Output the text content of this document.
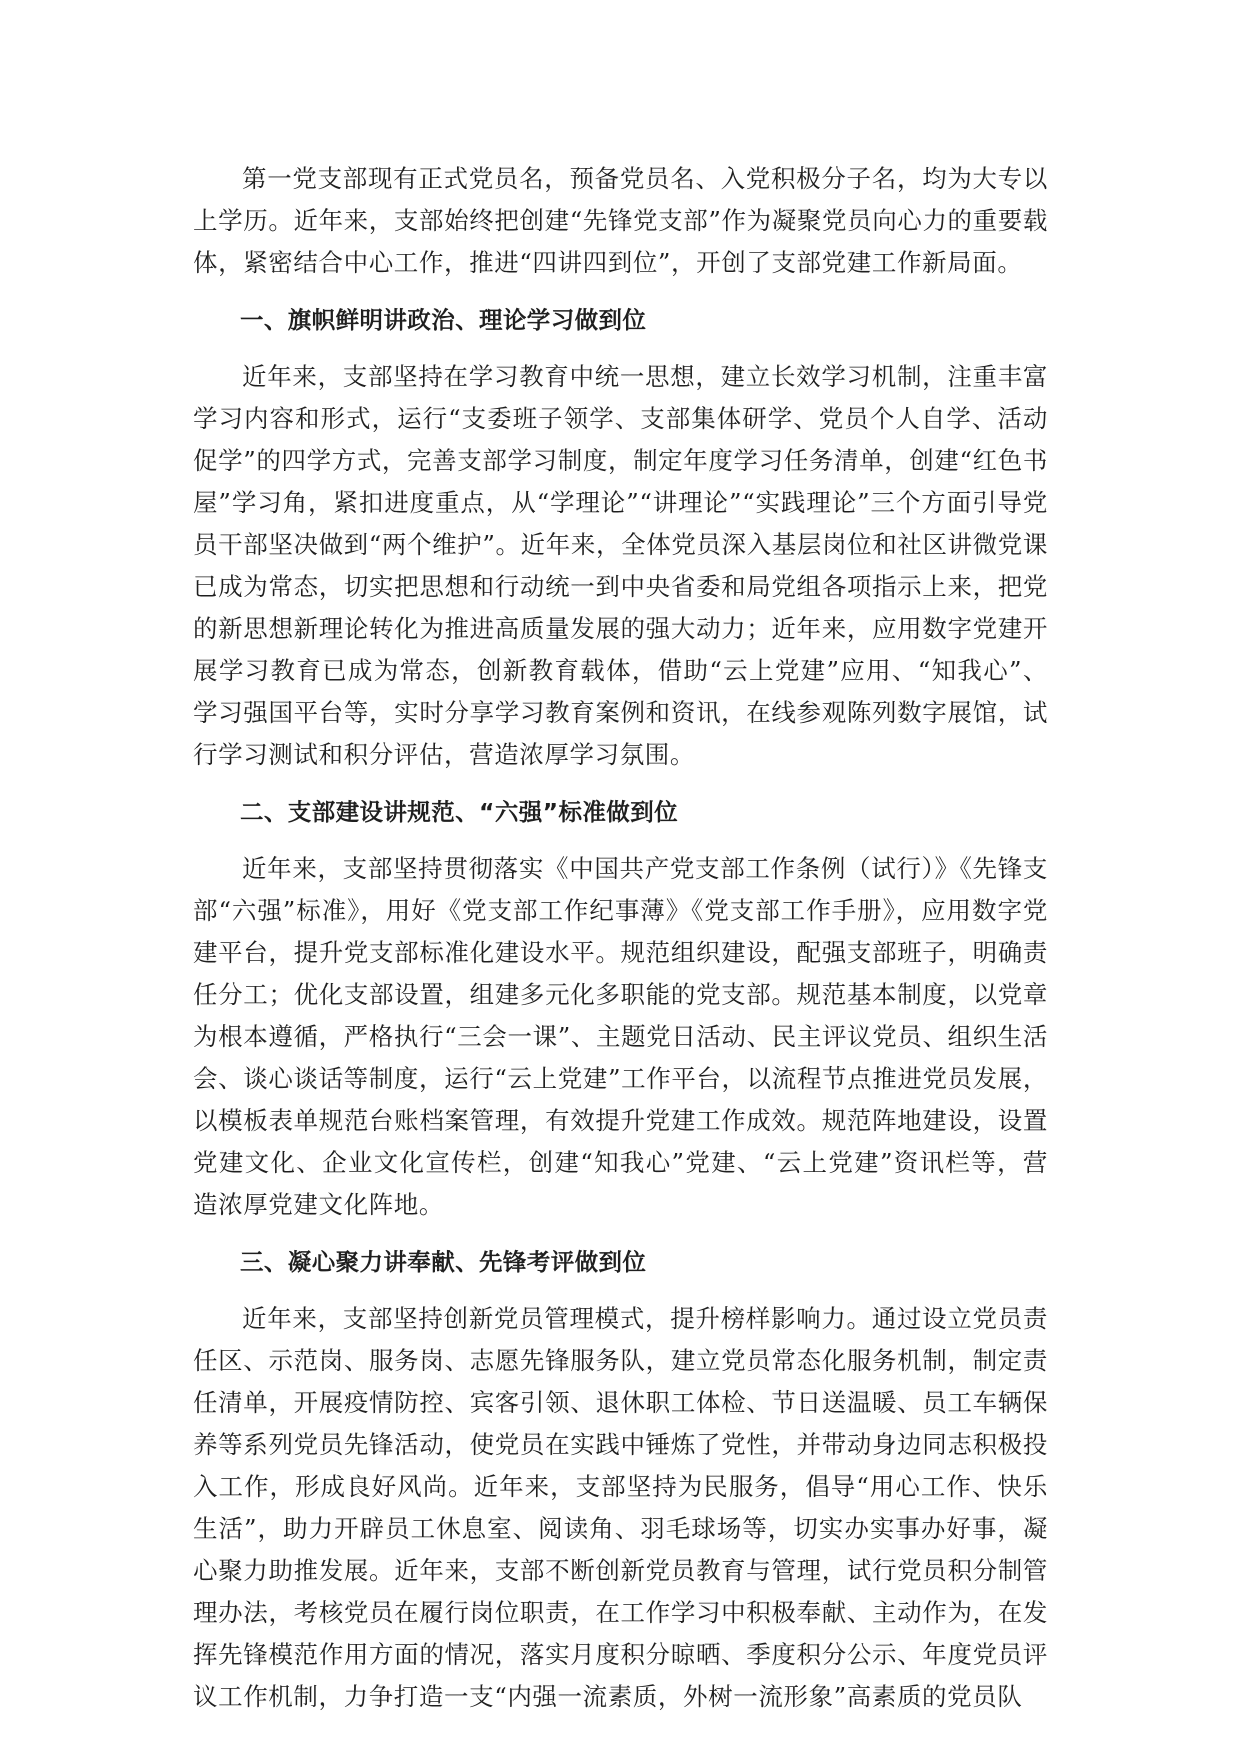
第一党支部现有正式党员名，预备党员名、入党积极分子名，均为大专以上学历。近年来，支部始终把创建“先锋党支部”作为凝聚党员向心力的重要载体，紧密结合中心工作，推进“四讲四到位”，开创了支部党建工作新局面。

一、旗帜鲜明讲政治、理论学习做到位

近年来，支部坚持在学习教育中统一思想，建立长效学习机制，注重丰富学习内容和形式，运行“支委班子领学、支部集体研学、党员个人自学、活动促学”的四学方式，完善支部学习制度，制定年度学习任务清单，创建“红色书屋”学习角，紧扣进度重点，从“学理论”“讲理论”“实践理论”三个方面引导党员干部坚决做到“两个维护”。近年来，全体党员深入基层岗位和社区讲微党课已成为常态，切实把思想和行动统一到中央省委和局党组各项指示上来，把党的新思想新理论转化为推进高质量发展的强大动力；近年来，应用数字党建开展学习教育已成为常态，创新教育载体，借助“云上党建”应用、“知我心”、学习强国平台等，实时分享学习教育案例和资讯，在线参观陈列数字展馆，试行学习测试和积分评估，营造浓厚学习氛围。

二、支部建设讲规范、“六强”标准做到位

近年来，支部坚持贯彻落实《中国共产党支部工作条例（试行）》《先锋支部“六强”标准》，用好《党支部工作纪事薄》《党支部工作手册》，应用数字党建平台，提升党支部标准化建设水平。规范组织建设，配强支部班子，明确责任分工；优化支部设置，组建多元化多职能的党支部。规范基本制度，以党章为根本遵循，严格执行“三会一课”、主题党日活动、民主评议党员、组织生活会、谈心谈话等制度，运行“云上党建”工作平台，以流程节点推进党员发展，以模板表单规范台账档案管理，有效提升党建工作成效。规范阵地建设，设置党建文化、企业文化宣传栏，创建“知我心”党建、“云上党建”资讯栏等，营造浓厚党建文化阵地。

三、凝心聚力讲奉献、先锋考评做到位

近年来，支部坚持创新党员管理模式，提升榜样影响力。通过设立党员责任区、示范岗、服务岗、志愿先锋服务队，建立党员常态化服务机制，制定责任清单，开展疫情防控、宾客引领、退休职工体检、节日送温暖、员工车辆保养等系列党员先锋活动，使党员在实践中锤炼了党性，并带动身边同志积极投入工作，形成良好风尚。近年来，支部坚持为民服务，倡导“用心工作、快乐生活”，助力开辟员工休息室、阅读角、羽毛球场等，切实办实事办好事，凝心聚力助推发展。近年来，支部不断创新党员教育与管理，试行党员积分制管理办法，考核党员在履行岗位职责，在工作学习中积极奉献、主动作为，在发挥先锋模范作用方面的情况，落实月度积分晾晒、季度积分公示、年度党员评议工作机制，力争打造一支“内强一流素质，外树一流形象”高素质的党员队
